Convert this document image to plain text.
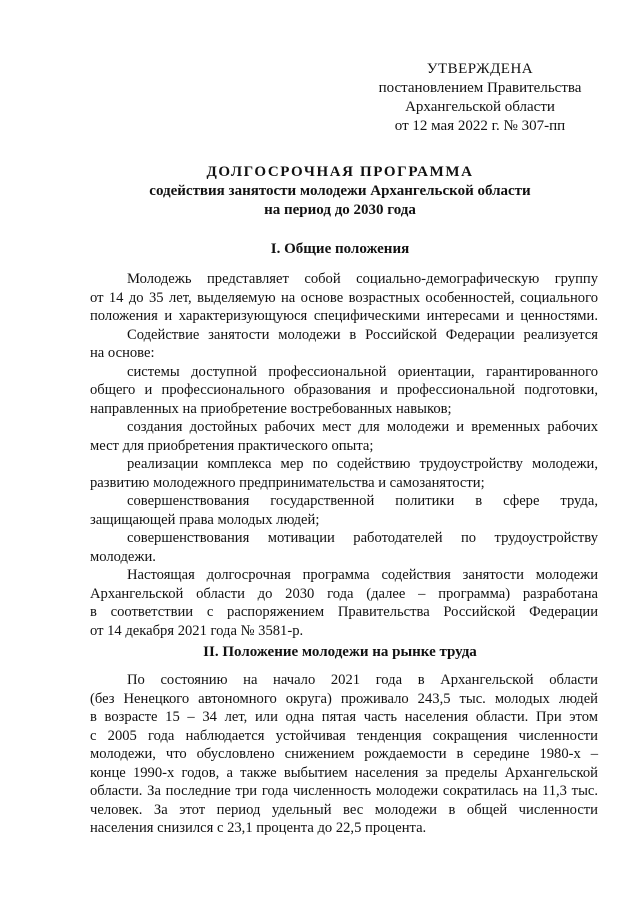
УТВЕРЖДЕНА
постановлением Правительства
Архангельской области
от 12 мая 2022 г. № 307-пп
ДОЛГОСРОЧНАЯ ПРОГРАММА
содействия занятости молодежи Архангельской области
на период до 2030 года
I. Общие положения
Молодежь представляет собой социально-демографическую группу
от 14 до 35 лет, выделяемую на основе возрастных особенностей, социального
положения и характеризующуюся специфическими интересами и ценностями.
Содействие занятости молодежи в Российской Федерации реализуется
на основе:
системы доступной профессиональной ориентации, гарантированного
общего и профессионального образования и профессиональной подготовки,
направленных на приобретение востребованных навыков;
создания достойных рабочих мест для молодежи и временных рабочих
мест для приобретения практического опыта;
реализации комплекса мер по содействию трудоустройству молодежи,
развитию молодежного предпринимательства и самозанятости;
совершенствования государственной политики в сфере труда,
защищающей права молодых людей;
совершенствования мотивации работодателей по трудоустройству
молодежи.
Настоящая долгосрочная программа содействия занятости молодежи
Архангельской области до 2030 года (далее – программа) разработана
в соответствии с распоряжением Правительства Российской Федерации
от 14 декабря 2021 года № 3581-р.
II. Положение молодежи на рынке труда
По состоянию на начало 2021 года в Архангельской области
(без Ненецкого автономного округа) проживало 243,5 тыс. молодых людей
в возрасте 15 – 34 лет, или одна пятая часть населения области. При этом
с 2005 года наблюдается устойчивая тенденция сокращения численности
молодежи, что обусловлено снижением рождаемости в середине 1980-х –
конце 1990-х годов, а также выбытием населения за пределы Архангельской
области. За последние три года численность молодежи сократилась на 11,3 тыс.
человек. За этот период удельный вес молодежи в общей численности
населения снизился с 23,1 процента до 22,5 процента.
